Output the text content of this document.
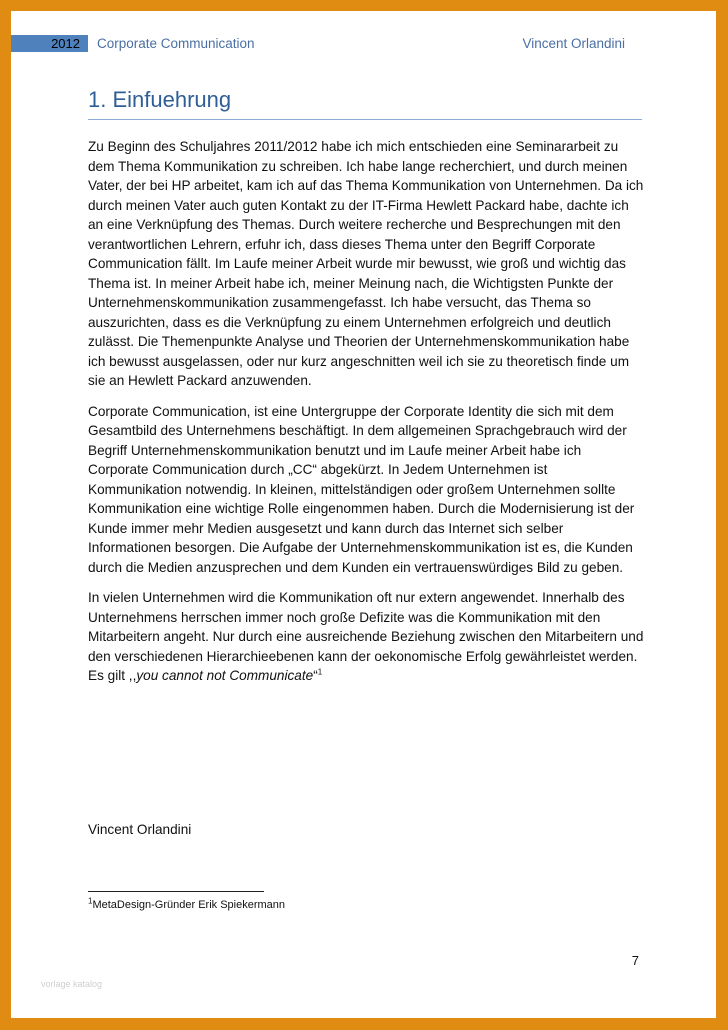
2012	Corporate Communication	Vincent Orlandini
1. Einfuehrung

Zu Beginn des Schuljahres 2011/2012 habe ich mich entschieden eine Seminararbeit zu dem Thema Kommunikation zu schreiben. Ich habe lange recherchiert, und durch meinen Vater, der bei HP arbeitet, kam ich auf das Thema Kommunikation von Unternehmen. Da ich durch meinen Vater auch guten Kontakt zu der IT-Firma Hewlett Packard habe, dachte ich an eine Verknüpfung des Themas. Durch weitere recherche und Besprechungen mit den verantwortlichen Lehrern, erfuhr ich, dass dieses Thema unter den Begriff Corporate Communication fällt. Im Laufe meiner Arbeit wurde mir bewusst, wie groß und wichtig das Thema ist. In meiner Arbeit habe ich, meiner Meinung nach, die Wichtigsten Punkte der Unternehmenskommunikation zusammengefasst. Ich habe versucht, das Thema so auszurichten, dass es die Verknüpfung zu einem Unternehmen erfolgreich und deutlich zulässt. Die Themenpunkte Analyse und Theorien der Unternehmenskommunikation habe ich bewusst ausgelassen, oder nur kurz angeschnitten weil ich sie zu theoretisch finde um sie an Hewlett Packard anzuwenden.

Corporate Communication, ist eine Untergruppe der Corporate Identity die sich mit dem Gesamtbild des Unternehmens beschäftigt. In dem allgemeinen Sprachgebrauch wird der Begriff Unternehmenskommunikation benutzt und im Laufe meiner Arbeit habe ich Corporate Communication durch „CC“ abgekürzt. In Jedem Unternehmen ist Kommunikation notwendig. In kleinen, mittelständigen oder großem Unternehmen sollte Kommunikation eine wichtige Rolle eingenommen haben. Durch die Modernisierung ist der Kunde immer mehr Medien ausgesetzt und kann durch das Internet sich selber Informationen besorgen. Die Aufgabe der Unternehmenskommunikation ist es, die Kunden durch die Medien anzusprechen und dem Kunden ein vertrauenswürdiges Bild zu geben.

In vielen Unternehmen wird die Kommunikation oft nur extern angewendet. Innerhalb des Unternehmens herrschen immer noch große Defizite was die Kommunikation mit den Mitarbeitern angeht. Nur durch eine ausreichende Beziehung zwischen den Mitarbeitern und den verschiedenen Hierarchieebenen kann der oekonomische Erfolg gewährleistet werden. Es gilt ,,you cannot not Communicate“$^1$

Vincent Orlandini
$^1$MetaDesign-Gründer Erik Spiekermann
7
vorlage katalog
